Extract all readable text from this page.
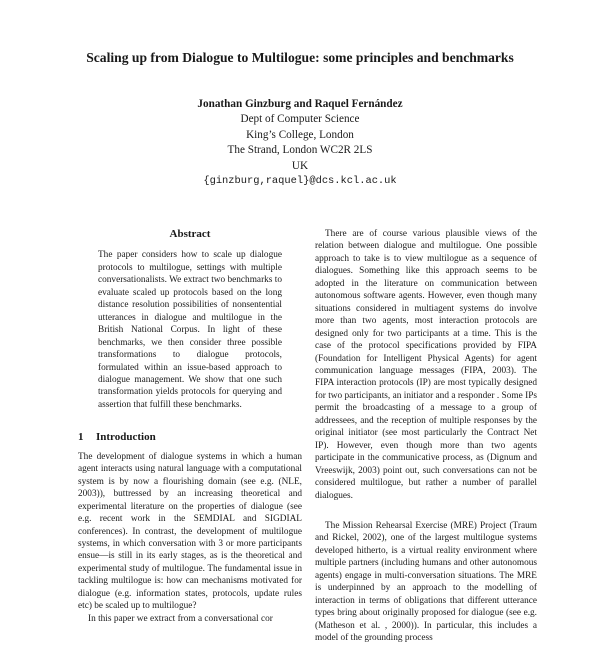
Scaling up from Dialogue to Multilogue: some principles and benchmarks
Jonathan Ginzburg and Raquel Fernández
Dept of Computer Science
King’s College, London
The Strand, London WC2R 2LS
UK
{ginzburg,raquel}@dcs.kcl.ac.uk
Abstract

The paper considers how to scale up dialogue protocols to multilogue, settings with multiple conversationalists. We extract two benchmarks to evaluate scaled up protocols based on the long distance resolution possibilities of nonsentential utterances in dialogue and multilogue in the British National Corpus. In light of these benchmarks, we then consider three possible transformations to dialogue protocols, formulated within an issue-based approach to dialogue management. We show that one such transformation yields protocols for querying and assertion that fulfill these benchmarks.

1 Introduction

The development of dialogue systems in which a human agent interacts using natural language with a computational system is by now a flourishing domain (see e.g. (NLE, 2003)), buttressed by an increasing theoretical and experimental literature on the properties of dialogue (see e.g. recent work in the SEMDIAL and SIGDIAL conferences). In contrast, the development of multilogue systems, in which conversation with 3 or more participants ensue—is still in its early stages, as is the theoretical and experimental study of multilogue. The fundamental issue in tackling multilogue is: how can mechanisms motivated for dialogue (e.g. information states, protocols, update rules etc) be scaled up to multilogue?

In this paper we extract from a conversational cor

There are of course various plausible views of the relation between dialogue and multilogue. One possible approach to take is to view multilogue as a sequence of dialogues. Something like this approach seems to be adopted in the literature on communication between autonomous software agents. However, even though many situations considered in multiagent systems do involve more than two agents, most interaction protocols are designed only for two participants at a time. This is the case of the protocol specifications provided by FIPA (Foundation for Intelligent Physical Agents) for agent communication language messages (FIPA, 2003). The FIPA interaction protocols (IP) are most typically designed for two participants, an initiator and a responder . Some IPs permit the broadcasting of a message to a group of addressees, and the reception of multiple responses by the original initiator (see most particularly the Contract Net IP). However, even though more than two agents participate in the communicative process, as (Dignum and Vreeswijk, 2003) point out, such conversations can not be considered multilogue, but rather a number of parallel dialogues.

The Mission Rehearsal Exercise (MRE) Project (Traum and Rickel, 2002), one of the largest multilogue systems developed hitherto, is a virtual reality environment where multiple partners (including humans and other autonomous agents) engage in multi-conversation situations. The MRE is underpinned by an approach to the modelling of interaction in terms of obligations that different utterance types bring about originally proposed for dialogue (see e.g. (Matheson et al. , 2000)). In particular, this includes a model of the grounding process
